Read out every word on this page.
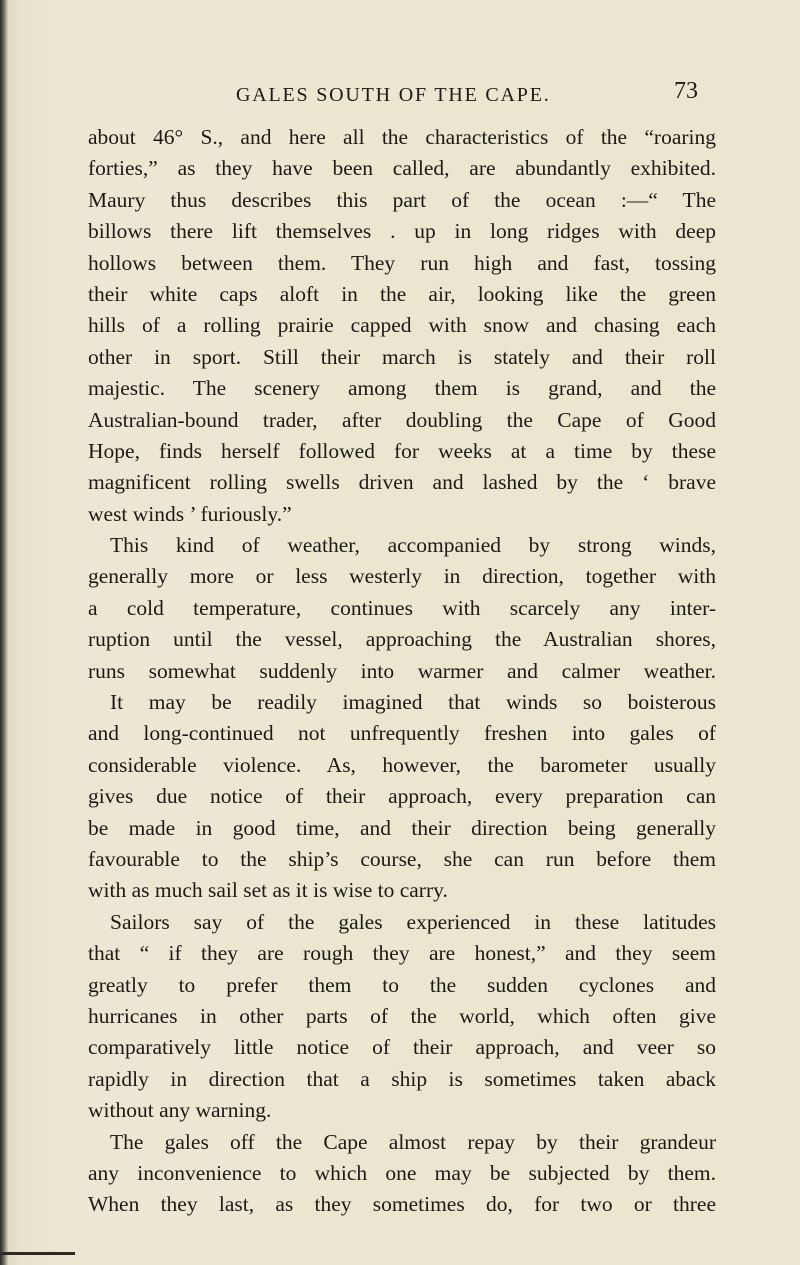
GALES SOUTH OF THE CAPE.	73
about 46° S., and here all the characteristics of the “roaring
forties,” as they have been called, are abundantly exhibited.
Maury thus describes this part of the ocean :—“ The
billows there lift themselves . up in long ridges with deep
hollows between them. They run high and fast, tossing
their white caps aloft in the air, looking like the green
hills of a rolling prairie capped with snow and chasing each
other in sport. Still their march is stately and their roll
majestic. The scenery among them is grand, and the
Australian-bound trader, after doubling the Cape of Good
Hope, finds herself followed for weeks at a time by these
magnificent rolling swells driven and lashed by the ‘ brave
west winds ’ furiously.”
This kind of weather, accompanied by strong winds,
generally more or less westerly in direction, together with
a cold temperature, continues with scarcely any inter-
ruption until the vessel, approaching the Australian shores,
runs somewhat suddenly into warmer and calmer weather.
It may be readily imagined that winds so boisterous
and long-continued not unfrequently freshen into gales of
considerable violence. As, however, the barometer usually
gives due notice of their approach, every preparation can
be made in good time, and their direction being generally
favourable to the ship’s course, she can run before them
with as much sail set as it is wise to carry.
Sailors say of the gales experienced in these latitudes
that “ if they are rough they are honest,” and they seem
greatly to prefer them to the sudden cyclones and
hurricanes in other parts of the world, which often give
comparatively little notice of their approach, and veer so
rapidly in direction that a ship is sometimes taken aback
without any warning.
The gales off the Cape almost repay by their grandeur
any inconvenience to which one may be subjected by them.
When they last, as they sometimes do, for two or three
